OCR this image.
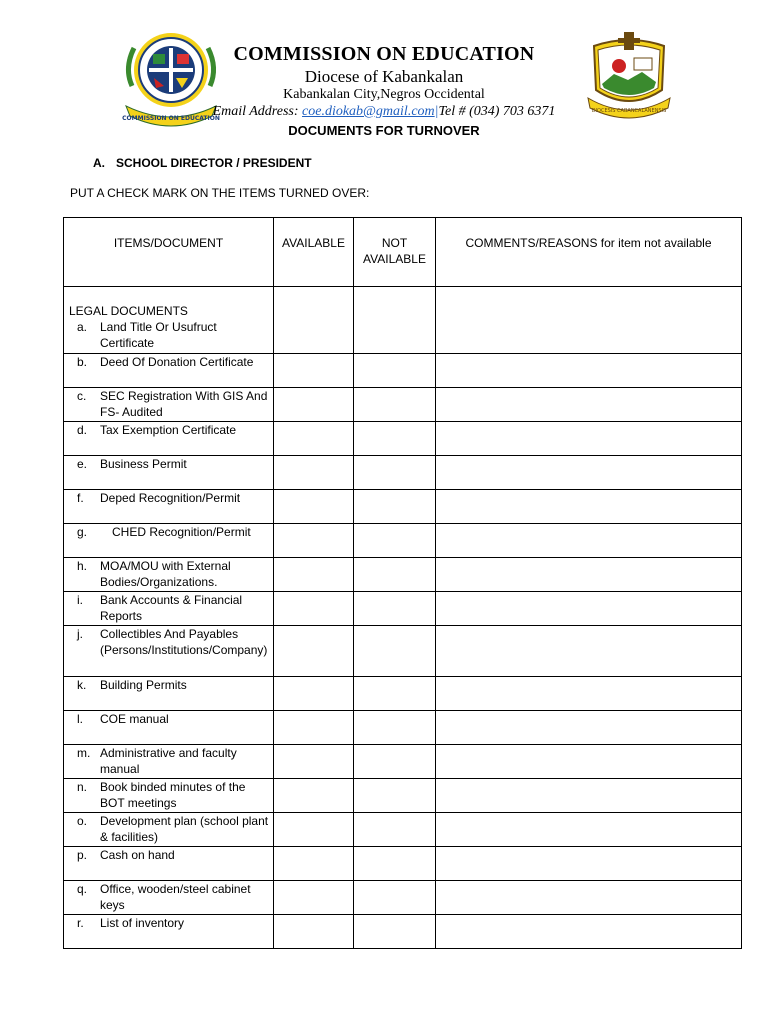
COMMISSION ON EDUCATION
DIOCESIS CABANCALANENSIS
COMMISSION ON EDUCATION
Diocese of Kabankalan
Kabankalan City,Negros Occidental
Email Address: coe.diokab@gmail.com|Tel # (034) 703 6371
DOCUMENTS FOR TURNOVER
A. SCHOOL DIRECTOR / PRESIDENT
PUT A CHECK MARK ON THE ITEMS TURNED OVER:
ITEMS/DOCUMENT	AVAILABLE	NOT AVAILABLE	COMMENTS/REASONS for item not available

LEGAL DOCUMENTS
a. Land Title Or Usufruct Certificate			

b. Deed Of Donation Certificate			

c. SEC Registration With GIS And FS- Audited			

d. Tax Exemption Certificate			

e. Business Permit			

f. Deped Recognition/Permit			

g. CHED Recognition/Permit			

h. MOA/MOU with External Bodies/Organizations.			

i. Bank Accounts & Financial Reports			

j. Collectibles And Payables (Persons/Institutions/Company)			

k. Building Permits			

l. COE manual			

m. Administrative and faculty manual			

n. Book binded minutes of the BOT meetings			

o. Development plan (school plant & facilities)			

p. Cash on hand			

q. Office, wooden/steel cabinet keys			

r. List of inventory			
